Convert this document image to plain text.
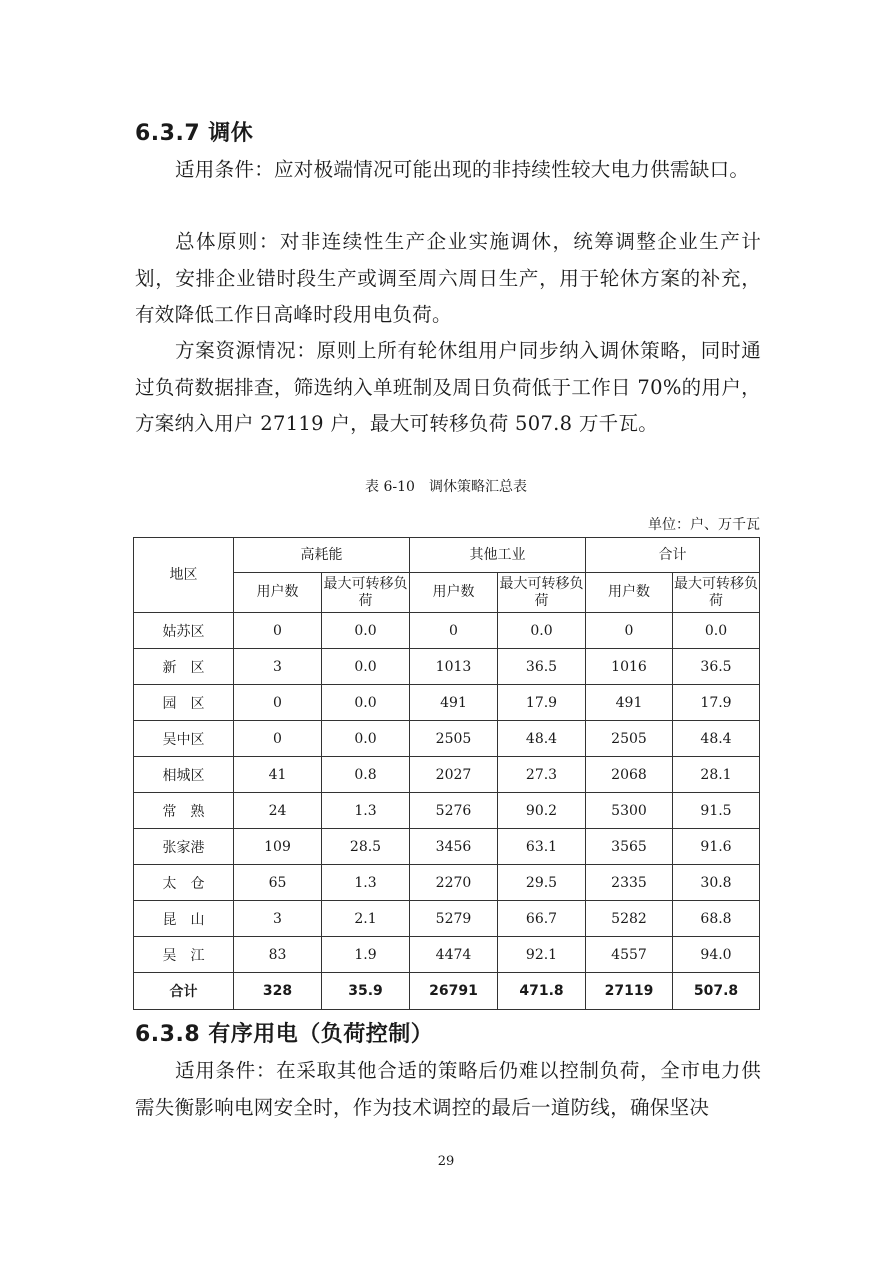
6.3.7 调休
适用条件：应对极端情况可能出现的非持续性较大电力供需缺口。
总体原则：对非连续性生产企业实施调休，统筹调整企业生产计划，安排企业错时段生产或调至周六周日生产，用于轮休方案的补充，有效降低工作日高峰时段用电负荷。
方案资源情况：原则上所有轮休组用户同步纳入调休策略，同时通过负荷数据排查，筛选纳入单班制及周日负荷低于工作日 70%的用户，方案纳入用户 27119 户，最大可转移负荷 507.8 万千瓦。
表 6-10　调休策略汇总表
单位：户、万千瓦
地区	高耗能		其他工业		合计	
	用户数	最大可转移负荷	用户数	最大可转移负荷	用户数	最大可转移负荷
姑苏区	0	0.0	0	0.0	0	0.0
新　区	3	0.0	1013	36.5	1016	36.5
园　区	0	0.0	491	17.9	491	17.9
吴中区	0	0.0	2505	48.4	2505	48.4
相城区	41	0.8	2027	27.3	2068	28.1
常　熟	24	1.3	5276	90.2	5300	91.5
张家港	109	28.5	3456	63.1	3565	91.6
太　仓	65	1.3	2270	29.5	2335	30.8
昆　山	3	2.1	5279	66.7	5282	68.8
吴　江	83	1.9	4474	92.1	4557	94.0
合计	328	35.9	26791	471.8	27119	507.8
6.3.8 有序用电（负荷控制）
适用条件：在采取其他合适的策略后仍难以控制负荷，全市电力供需失衡影响电网安全时，作为技术调控的最后一道防线，确保坚决
29
